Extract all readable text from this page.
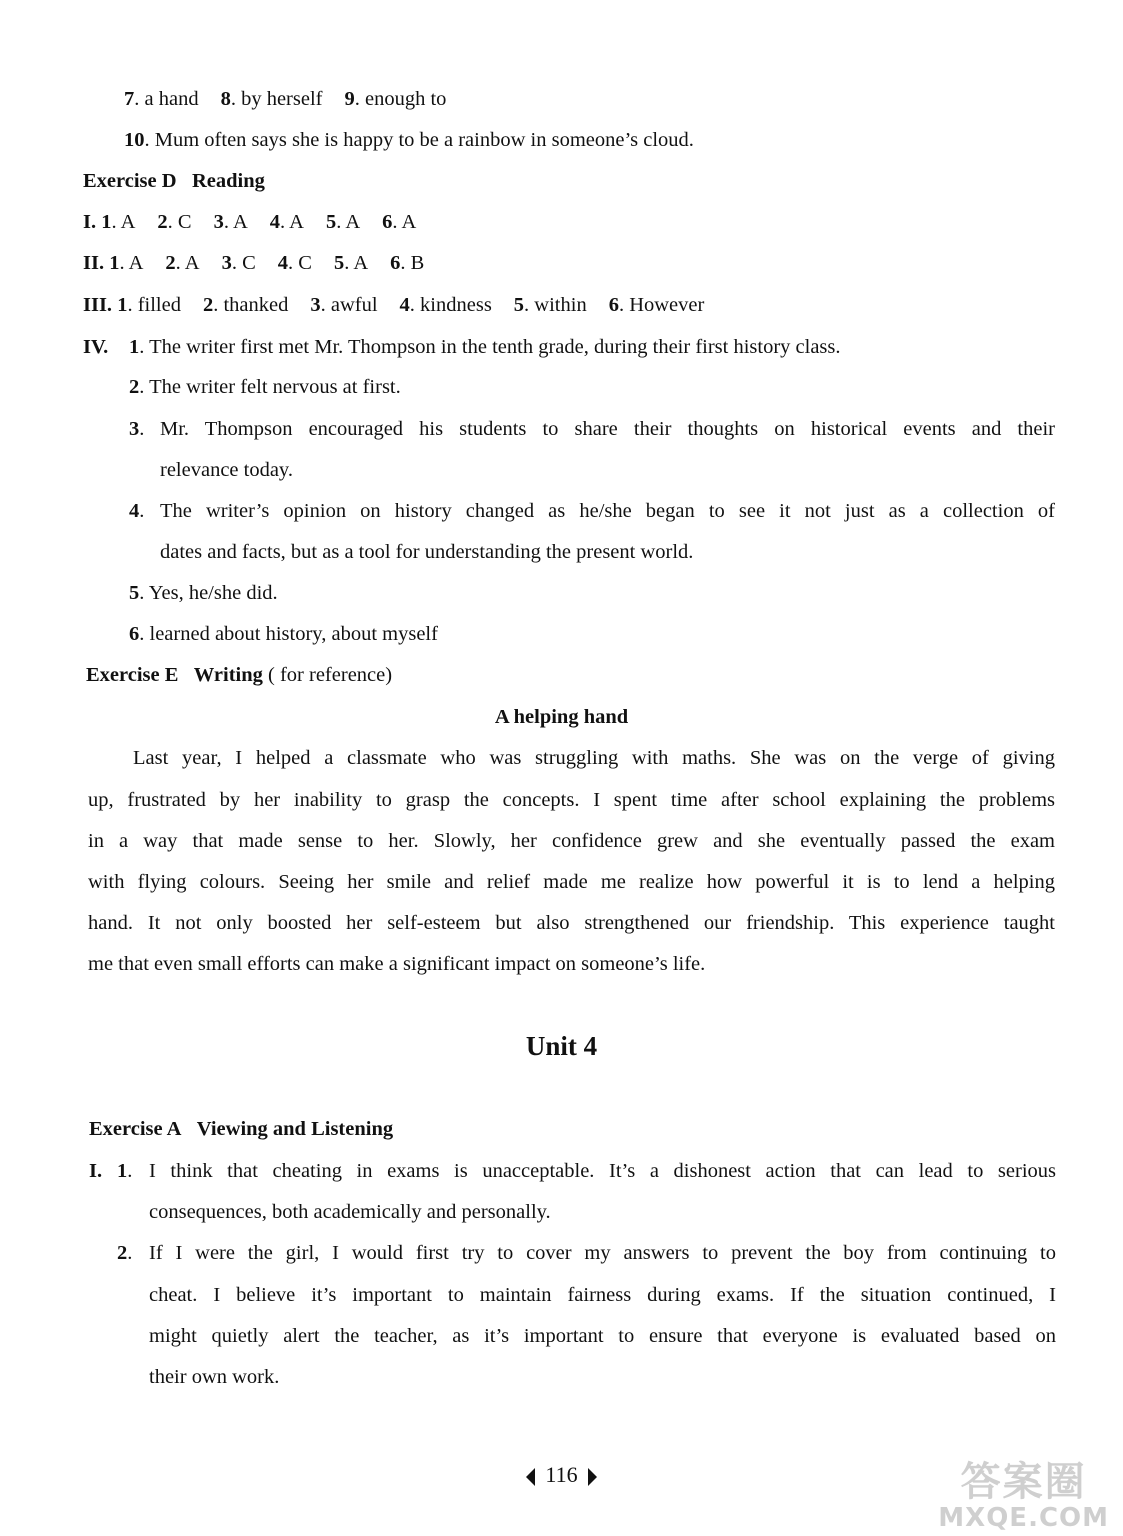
7. a hand 8. by herself 9. enough to
10. Mum often says she is happy to be a rainbow in someone’s cloud.
Exercise D Reading
I. 1. A 2. C 3. A 4. A 5. A 6. A
II. 1. A 2. A 3. C 4. C 5. A 6. B
III. 1. filled 2. thanked 3. awful 4. kindness 5. within 6. However
IV. 1. The writer first met Mr. Thompson in the tenth grade, during their first history class.
2. The writer felt nervous at first.
3. Mr. Thompson encouraged his students to share their thoughts on historical events and their
relevance today.
4. The writer’s opinion on history changed as he/she began to see it not just as a collection of
dates and facts, but as a tool for understanding the present world.
5. Yes, he/she did.
6. learned about history, about myself
Exercise E Writing ( for reference)
A helping hand
Last year, I helped a classmate who was struggling with maths. She was on the verge of giving
up, frustrated by her inability to grasp the concepts. I spent time after school explaining the problems
in a way that made sense to her. Slowly, her confidence grew and she eventually passed the exam
with flying colours. Seeing her smile and relief made me realize how powerful it is to lend a helping
hand. It not only boosted her self-esteem but also strengthened our friendship. This experience taught
me that even small efforts can make a significant impact on someone’s life.
Unit 4
Exercise A Viewing and Listening
I. 1. I think that cheating in exams is unacceptable. It’s a dishonest action that can lead to serious
consequences, both academically and personally.
2. If I were the girl, I would first try to cover my answers to prevent the boy from continuing to
cheat. I believe it’s important to maintain fairness during exams. If the situation continued, I
might quietly alert the teacher, as it’s important to ensure that everyone is evaluated based on
their own work.
116	答案圈
MXQE.COM
